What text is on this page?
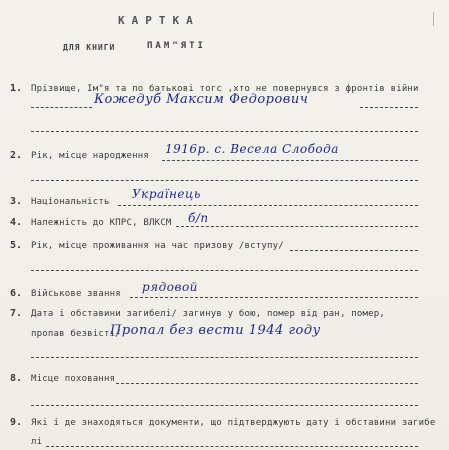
КАРТКА
ДЛЯ КНИГИ	ПАМ"ЯТІ
1. Прізвище, Ім"я та по батькові тогс ,хто не повернувся з фронтів війни
Кожедуб Максим Федорович
2. Рік, місце народження 1916р. с. Весела Слобода
3. Національність
Українець
4. Належність до КПРС, ВЛКСМ б/п
5. Рік, місце проживання на час призову /вступу/
6. Військове звання рядовой
7. Дата і обставини загибелі/ загинув у бою, помер від ран, помер,
пропав безвісті/
Пропал без вести 1944 году
8. Місце поховання
9. Які і де знаходяться документи, що підтверджують дату і обставини загибе
лі
